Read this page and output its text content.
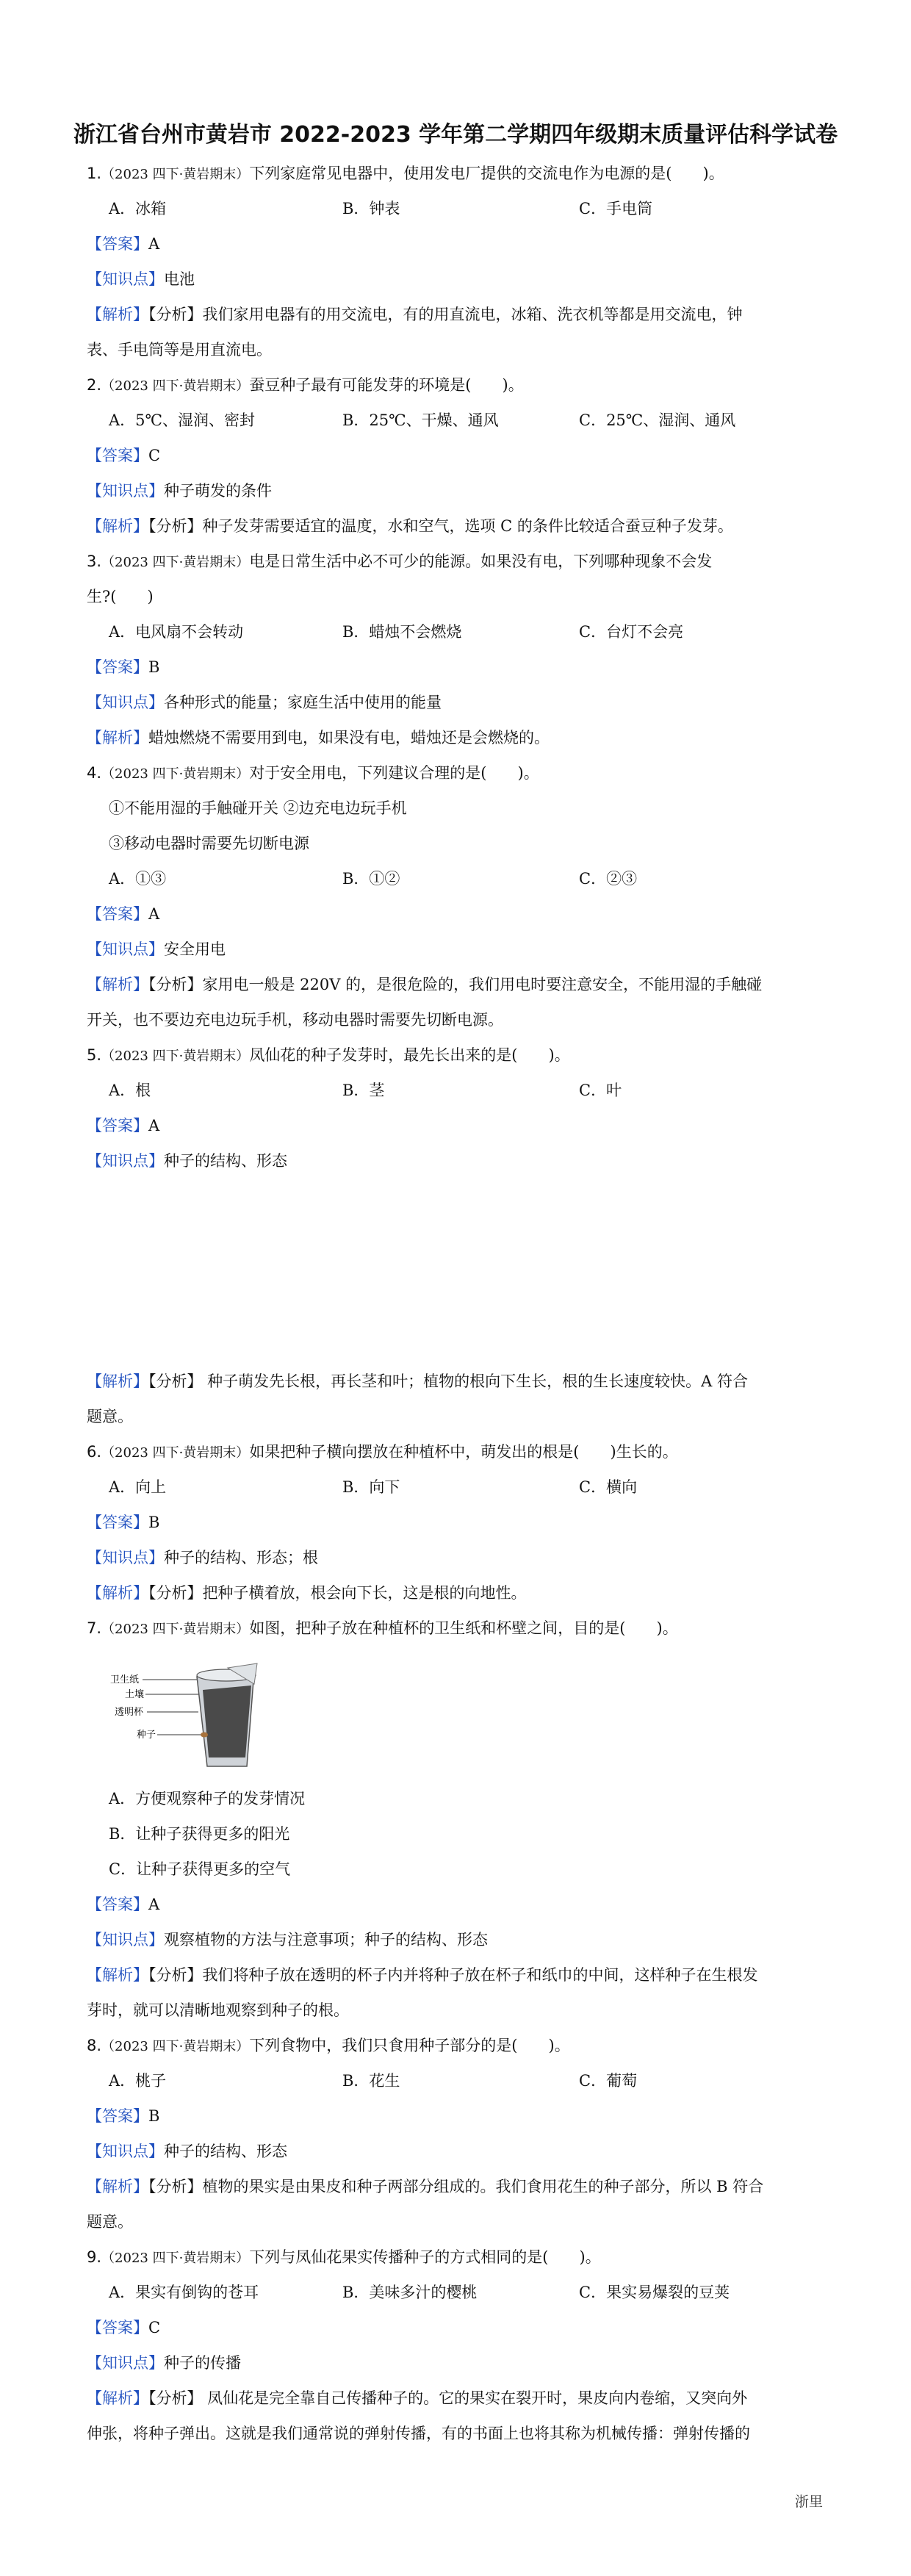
浙江省台州市黄岩市 2022-2023 学年第二学期四年级期末质量评估科学试卷
1.（2023 四下·黄岩期末）下列家庭常见电器中，使用发电厂提供的交流电作为电源的是(　　)。
A．冰箱	B．钟表	C．手电筒
【答案】A
【知识点】电池
【解析】【分析】我们家用电器有的用交流电，有的用直流电，冰箱、洗衣机等都是用交流电，钟
表、手电筒等是用直流电。
2.（2023 四下·黄岩期末）蚕豆种子最有可能发芽的环境是(　　)。
A．5℃、湿润、密封	B．25℃、干燥、通风	C．25℃、湿润、通风
【答案】C
【知识点】种子萌发的条件
【解析】【分析】种子发芽需要适宜的温度，水和空气，选项 C 的条件比较适合蚕豆种子发芽。
3.（2023 四下·黄岩期末）电是日常生活中必不可少的能源。如果没有电，下列哪种现象不会发
生?(　　)
A．电风扇不会转动	B．蜡烛不会燃烧	C．台灯不会亮
【答案】B
【知识点】各种形式的能量；家庭生活中使用的能量
【解析】蜡烛燃烧不需要用到电，如果没有电，蜡烛还是会燃烧的。
4.（2023 四下·黄岩期末）对于安全用电，下列建议合理的是(　　)。
①不能用湿的手触碰开关 ②边充电边玩手机
③移动电器时需要先切断电源
A．①③	B．①②	C．②③
【答案】A
【知识点】安全用电
【解析】【分析】家用电一般是 220V 的，是很危险的，我们用电时要注意安全，不能用湿的手触碰
开关，也不要边充电边玩手机，移动电器时需要先切断电源。
5.（2023 四下·黄岩期末）凤仙花的种子发芽时，最先长出来的是(　　)。
A．根	B．茎	C．叶
【答案】A
【知识点】种子的结构、形态
【解析】【分析】 种子萌发先长根，再长茎和叶；植物的根向下生长，根的生长速度较快。A 符合
题意。
6.（2023 四下·黄岩期末）如果把种子横向摆放在种植杯中，萌发出的根是(　　)生长的。
A．向上	B．向下	C．横向
【答案】B
【知识点】种子的结构、形态；根
【解析】【分析】把种子横着放，根会向下长，这是根的向地性。
7.（2023 四下·黄岩期末）如图，把种子放在种植杯的卫生纸和杯壁之间，目的是(　　)。
卫生纸
土壤
透明杯
种子
A．方便观察种子的发芽情况
B．让种子获得更多的阳光
C．让种子获得更多的空气
【答案】A
【知识点】观察植物的方法与注意事项；种子的结构、形态
【解析】【分析】我们将种子放在透明的杯子内并将种子放在杯子和纸巾的中间，这样种子在生根发
芽时，就可以清晰地观察到种子的根。
8.（2023 四下·黄岩期末）下列食物中，我们只食用种子部分的是(　　)。
A．桃子	B．花生	C．葡萄
【答案】B
【知识点】种子的结构、形态
【解析】【分析】植物的果实是由果皮和种子两部分组成的。我们食用花生的种子部分，所以 B 符合
题意。
9.（2023 四下·黄岩期末）下列与凤仙花果实传播种子的方式相同的是(　　)。
A．果实有倒钩的苍耳	B．美味多汁的樱桃	C．果实易爆裂的豆荚
【答案】C
【知识点】种子的传播
【解析】【分析】 凤仙花是完全靠自己传播种子的。它的果实在裂开时，果皮向内卷缩，又突向外
伸张，将种子弹出。这就是我们通常说的弹射传播，有的书面上也将其称为机械传播：弹射传播的
浙里
